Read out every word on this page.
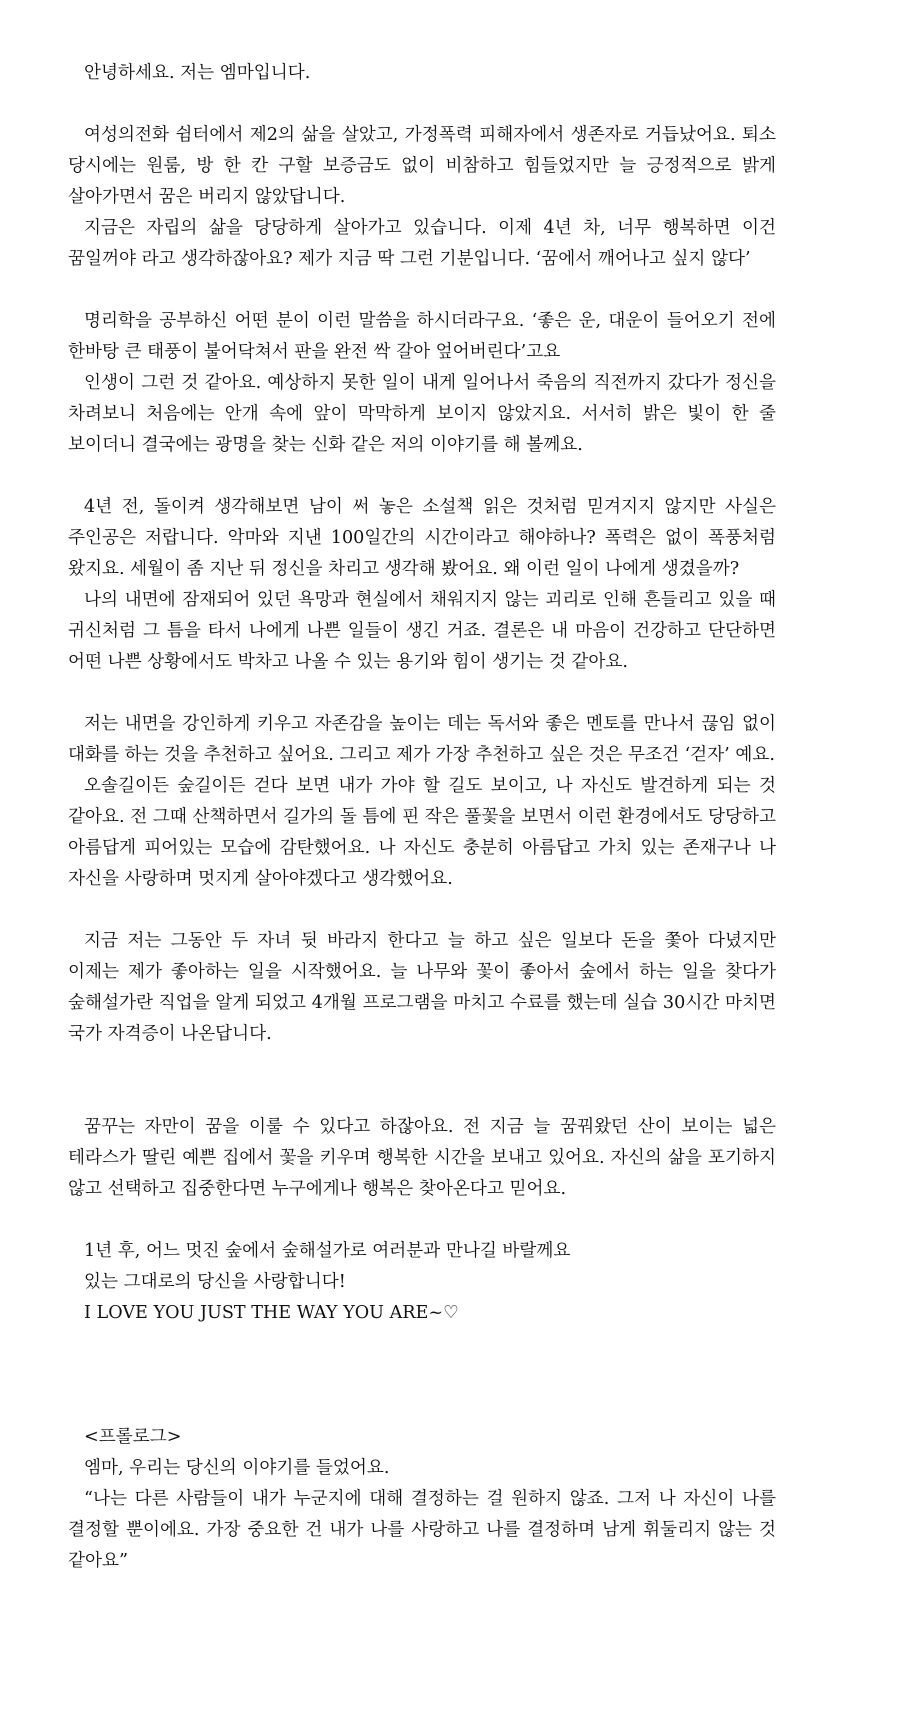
안녕하세요. 저는 엠마입니다.

여성의전화 쉼터에서 제2의 삶을 살았고, 가정폭력 피해자에서 생존자로 거듭났어요. 퇴소 당시에는 원룸, 방 한 칸 구할 보증금도 없이 비참하고 힘들었지만 늘 긍정적으로 밝게 살아가면서 꿈은 버리지 않았답니다.

지금은 자립의 삶을 당당하게 살아가고 있습니다. 이제 4년 차, 너무 행복하면 이건 꿈일꺼야 라고 생각하잖아요? 제가 지금 딱 그런 기분입니다. ‘꿈에서 깨어나고 싶지 않다’

명리학을 공부하신 어떤 분이 이런 말씀을 하시더라구요. ‘좋은 운, 대운이 들어오기 전에 한바탕 큰 태풍이 불어닥쳐서 판을 완전 싹 갈아 엎어버린다’고요

인생이 그런 것 같아요. 예상하지 못한 일이 내게 일어나서 죽음의 직전까지 갔다가 정신을 차려보니 처음에는 안개 속에 앞이 막막하게 보이지 않았지요. 서서히 밝은 빛이 한 줄 보이더니 결국에는 광명을 찾는 신화 같은 저의 이야기를 해 볼께요.

4년 전, 돌이켜 생각해보면 남이 써 놓은 소설책 읽은 것처럼 믿겨지지 않지만 사실은 주인공은 저랍니다. 악마와 지낸 100일간의 시간이라고 해야하나? 폭력은 없이 폭풍처럼 왔지요. 세월이 좀 지난 뒤 정신을 차리고 생각해 봤어요. 왜 이런 일이 나에게 생겼을까?

나의 내면에 잠재되어 있던 욕망과 현실에서 채워지지 않는 괴리로 인해 흔들리고 있을 때 귀신처럼 그 틈을 타서 나에게 나쁜 일들이 생긴 거죠. 결론은 내 마음이 건강하고 단단하면 어떤 나쁜 상황에서도 박차고 나올 수 있는 용기와 힘이 생기는 것 같아요.

저는 내면을 강인하게 키우고 자존감을 높이는 데는 독서와 좋은 멘토를 만나서 끊임 없이 대화를 하는 것을 추천하고 싶어요. 그리고 제가 가장 추천하고 싶은 것은 무조건 ‘걷자’ 예요.

오솔길이든 숲길이든 걷다 보면 내가 가야 할 길도 보이고, 나 자신도 발견하게 되는 것 같아요. 전 그때 산책하면서 길가의 돌 틈에 핀 작은 풀꽃을 보면서 이런 환경에서도 당당하고 아름답게 피어있는 모습에 감탄했어요. 나 자신도 충분히 아름답고 가치 있는 존재구나 나 자신을 사랑하며 멋지게 살아야겠다고 생각했어요.

지금 저는 그동안 두 자녀 뒷 바라지 한다고 늘 하고 싶은 일보다 돈을 쫓아 다녔지만 이제는 제가 좋아하는 일을 시작했어요. 늘 나무와 꽃이 좋아서 숲에서 하는 일을 찾다가 숲해설가란 직업을 알게 되었고 4개월 프로그램을 마치고 수료를 했는데 실습 30시간 마치면 국가 자격증이 나온답니다.

꿈꾸는 자만이 꿈을 이룰 수 있다고 하잖아요. 전 지금 늘 꿈꿔왔던 산이 보이는 넓은 테라스가 딸린 예쁜 집에서 꽃을 키우며 행복한 시간을 보내고 있어요. 자신의 삶을 포기하지 않고 선택하고 집중한다면 누구에게나 행복은 찾아온다고 믿어요.

1년 후, 어느 멋진 숲에서 숲해설가로 여러분과 만나길 바랄께요

있는 그대로의 당신을 사랑합니다!

I LOVE YOU JUST THE WAY YOU ARE~♡

<프롤로그>

엠마, 우리는 당신의 이야기를 들었어요.

“나는 다른 사람들이 내가 누군지에 대해 결정하는 걸 원하지 않죠. 그저 나 자신이 나를 결정할 뿐이에요. 가장 중요한 건 내가 나를 사랑하고 나를 결정하며 남게 휘둘리지 않는 것 같아요”
